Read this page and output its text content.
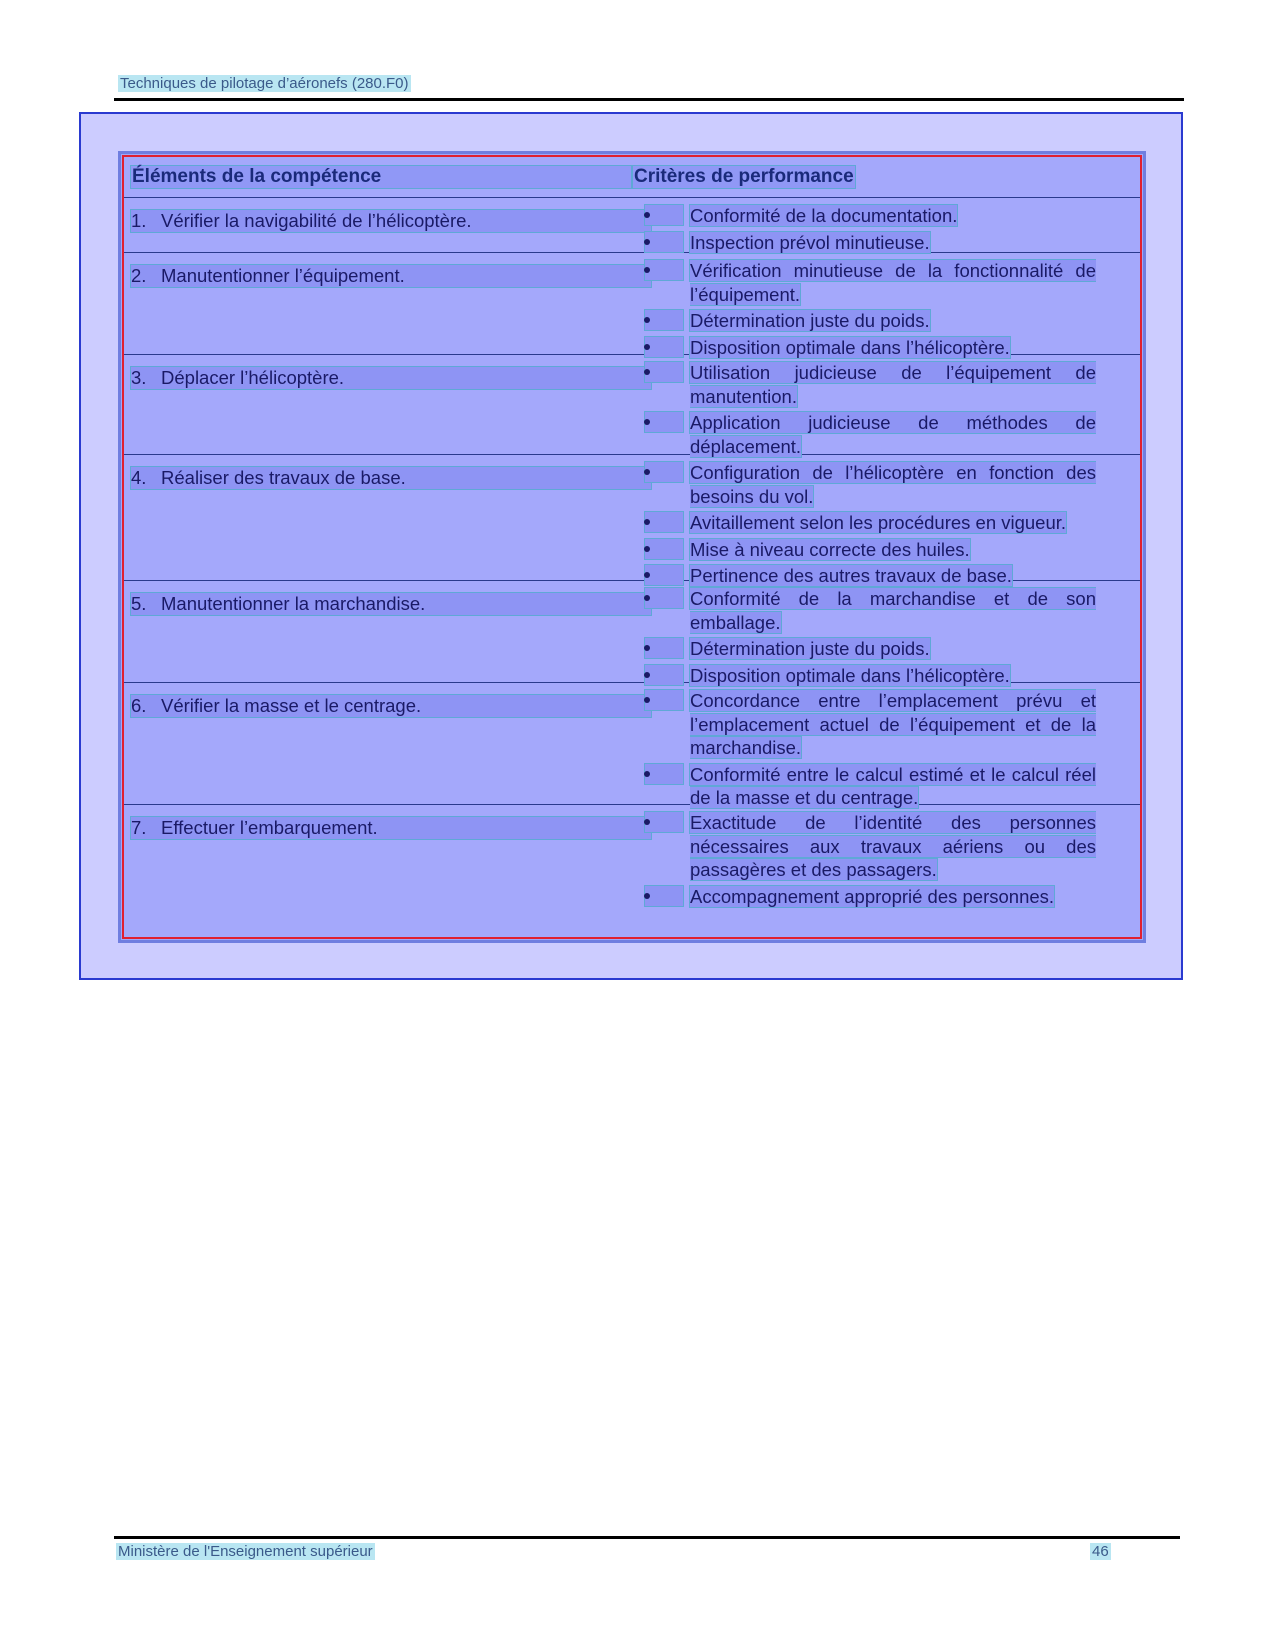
Techniques de pilotage d’aéronefs (280.F0)
Éléments de la compétence	Critères de performance
1. Vérifier la navigabilité de l’hélicoptère.	Conformité de la documentation.
Inspection prévol minutieuse.
2. Manutentionner l’équipement.	Vérification minutieuse de la fonctionnalité de l’équipement.
Détermination juste du poids.
Disposition optimale dans l’hélicoptère.
3. Déplacer l’hélicoptère.	Utilisation judicieuse de l’équipement de manutention.
Application judicieuse de méthodes de déplacement.
4. Réaliser des travaux de base.	Configuration de l’hélicoptère en fonction des besoins du vol.
Avitaillement selon les procédures en vigueur.
Mise à niveau correcte des huiles.
Pertinence des autres travaux de base.
5. Manutentionner la marchandise.	Conformité de la marchandise et de son emballage.
Détermination juste du poids.
Disposition optimale dans l’hélicoptère.
6. Vérifier la masse et le centrage.	Concordance entre l’emplacement prévu et l’emplacement actuel de l’équipement et de la marchandise.
Conformité entre le calcul estimé et le calcul réel de la masse et du centrage.
7. Effectuer l’embarquement.	Exactitude de l’identité des personnes nécessaires aux travaux aériens ou des passagères et des passagers.
Accompagnement approprié des personnes.
Ministère de l'Enseignement supérieur	46
